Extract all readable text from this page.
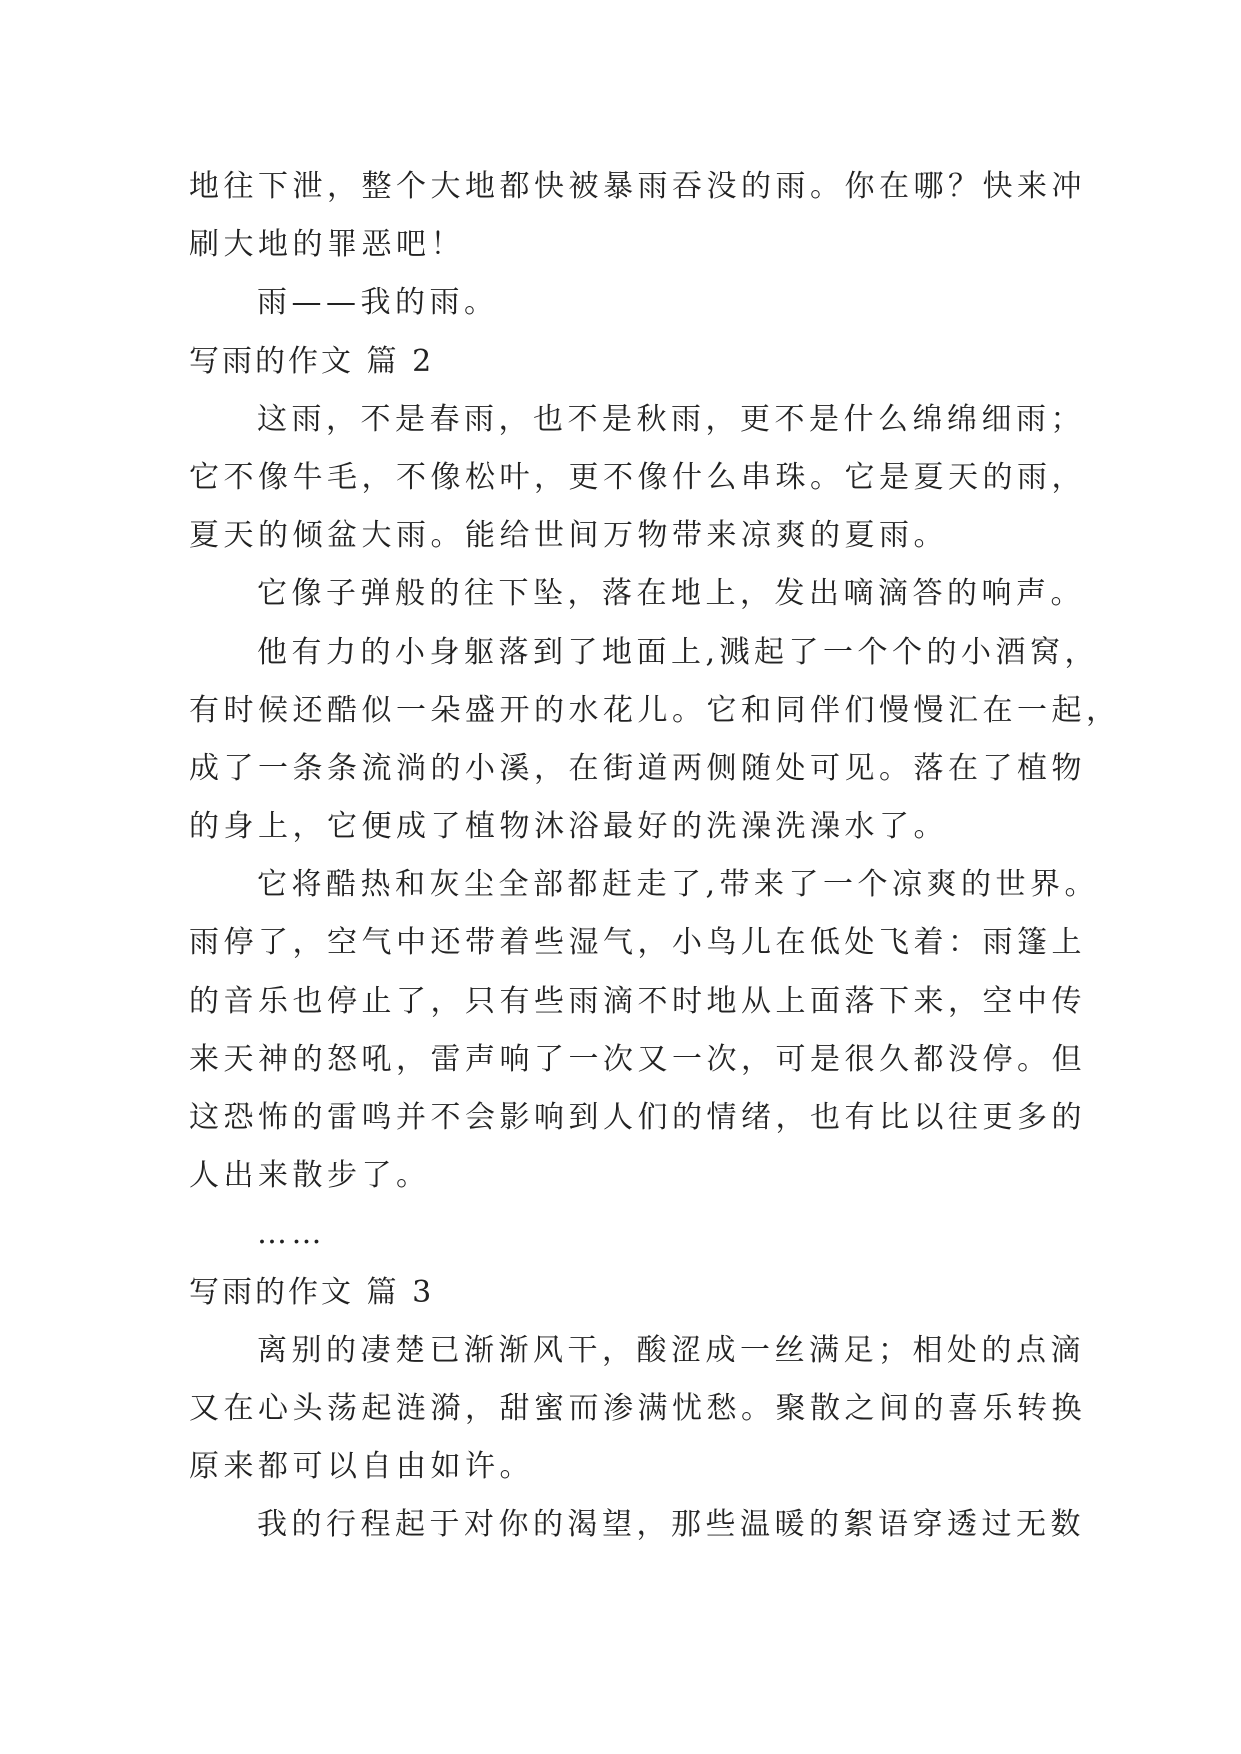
地往下泄，整个大地都快被暴雨吞没的雨。你在哪？快来冲
刷大地的罪恶吧！
雨——我的雨。
写雨的作文 篇 2
这雨，不是春雨，也不是秋雨，更不是什么绵绵细雨；
它不像牛毛，不像松叶，更不像什么串珠。它是夏天的雨，
夏天的倾盆大雨。能给世间万物带来凉爽的夏雨。
它像子弹般的往下坠，落在地上，发出嘀滴答的响声。
他有力的小身躯落到了地面上,溅起了一个个的小酒窝，
有时候还酷似一朵盛开的水花儿。它和同伴们慢慢汇在一起，
成了一条条流淌的小溪，在街道两侧随处可见。落在了植物
的身上，它便成了植物沐浴最好的洗澡洗澡水了。
它将酷热和灰尘全部都赶走了,带来了一个凉爽的世界。
雨停了，空气中还带着些湿气，小鸟儿在低处飞着：雨篷上
的音乐也停止了，只有些雨滴不时地从上面落下来，空中传
来天神的怒吼，雷声响了一次又一次，可是很久都没停。但
这恐怖的雷鸣并不会影响到人们的情绪，也有比以往更多的
人出来散步了。
……
写雨的作文 篇 3
离别的凄楚已渐渐风干，酸涩成一丝满足；相处的点滴
又在心头荡起涟漪，甜蜜而渗满忧愁。聚散之间的喜乐转换
原来都可以自由如许。
我的行程起于对你的渴望，那些温暖的絮语穿透过无数
